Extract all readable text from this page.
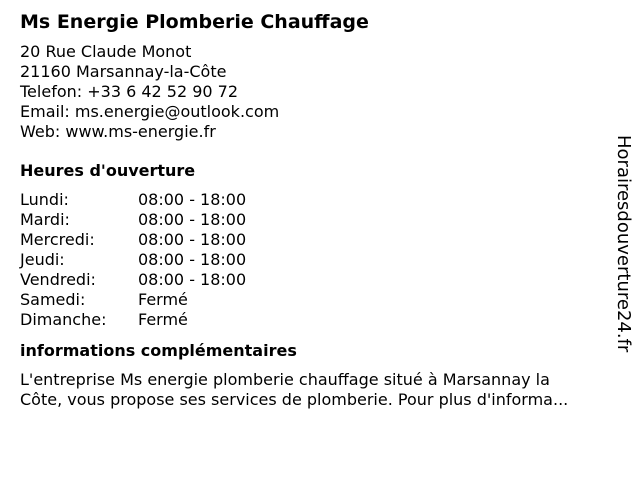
Ms Energie Plomberie Chauffage
20 Rue Claude Monot
21160 Marsannay-la-Côte
Telefon: +33 6 42 52 90 72
Email: ms.energie@outlook.com
Web: www.ms-energie.fr
Heures d'ouverture
Lundi:	08:00 - 18:00
Mardi:	08:00 - 18:00
Mercredi:	08:00 - 18:00
Jeudi:	08:00 - 18:00
Vendredi:	08:00 - 18:00
Samedi:	Fermé
Dimanche:	Fermé
informations complémentaires
L'entreprise Ms energie plomberie chauffage situé à Marsannay la
Côte, vous propose ses services de plomberie. Pour plus d'informa...
Horairesdouverture24.fr
